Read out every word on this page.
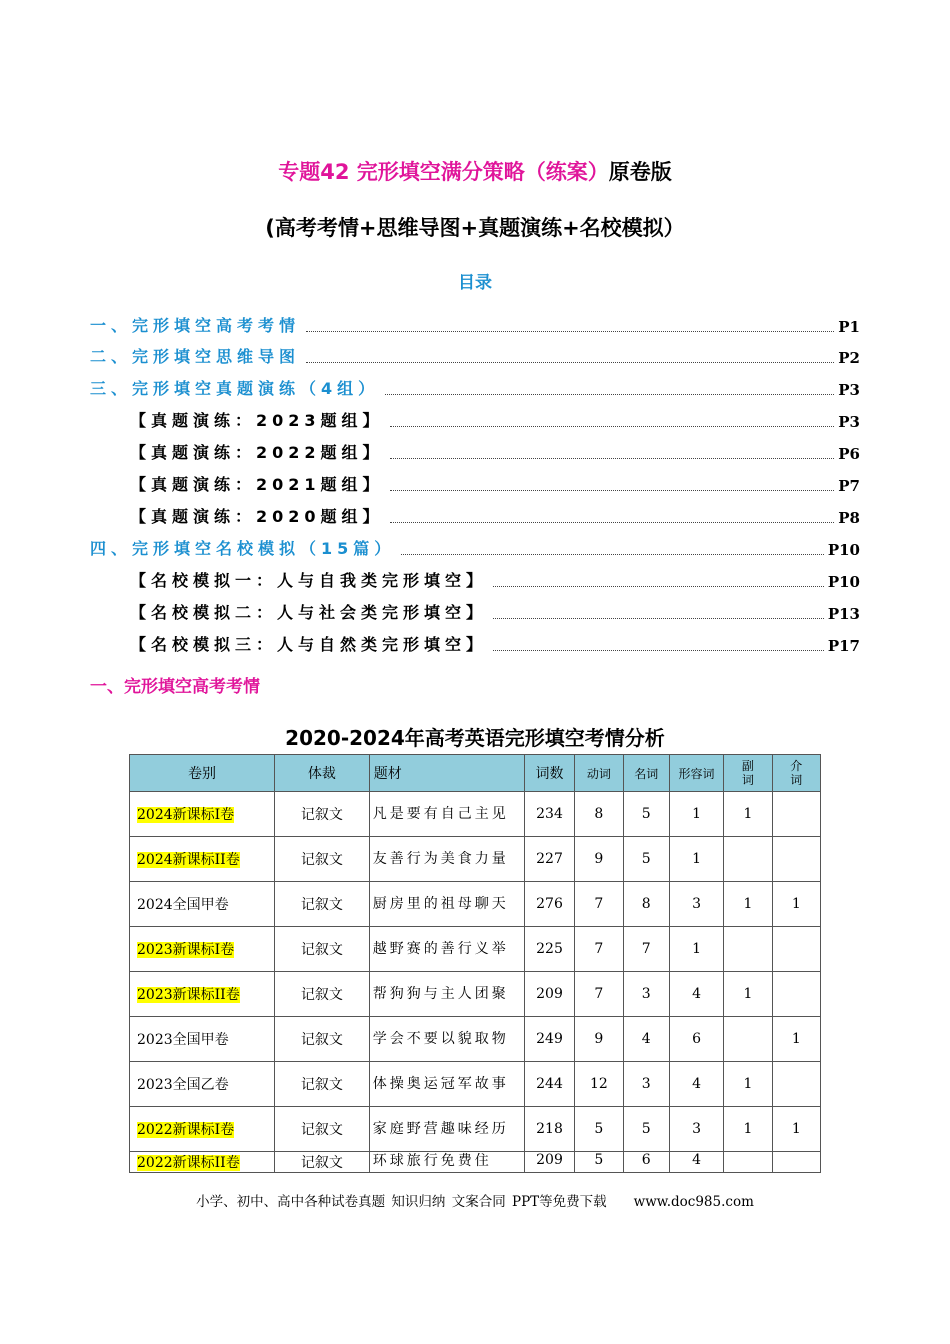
专题42 完形填空满分策略（练案）原卷版
(高考考情+思维导图+真题演练+名校模拟）
目录
一、完形填空高考考情	P1
二、完形填空思维导图	P2
三、完形填空真题演练（4组）	P3
【真题演练：2023题组】	P3
【真题演练：2022题组】	P6
【真题演练：2021题组】	P7
【真题演练：2020题组】	P8
四、完形填空名校模拟（15篇）	P10
【名校模拟一：人与自我类完形填空】	P10
【名校模拟二：人与社会类完形填空】	P13
【名校模拟三：人与自然类完形填空】	P17
一、完形填空高考考情
2020-2024年高考英语完形填空考情分析
卷别	体裁	题材	词数	动词	名词	形容词	副词	介词
2024新课标I卷	记叙文	凡是要有自己主见	234	8	5	1	1	
2024新课标II卷	记叙文	友善行为美食力量	227	9	5	1		
2024全国甲卷	记叙文	厨房里的祖母聊天	276	7	8	3	1	1
2023新课标I卷	记叙文	越野赛的善行义举	225	7	7	1		
2023新课标II卷	记叙文	帮狗狗与主人团聚	209	7	3	4	1	
2023全国甲卷	记叙文	学会不要以貌取物	249	9	4	6		1
2023全国乙卷	记叙文	体操奥运冠军故事	244	12	3	4	1	
2022新课标I卷	记叙文	家庭野营趣味经历	218	5	5	3	1	1
2022新课标II卷	记叙文	环球旅行免费住	209	5	6	4		
小学、初中、高中各种试卷真题 知识归纳 文案合同 PPT等免费下载　　www.doc985.com
